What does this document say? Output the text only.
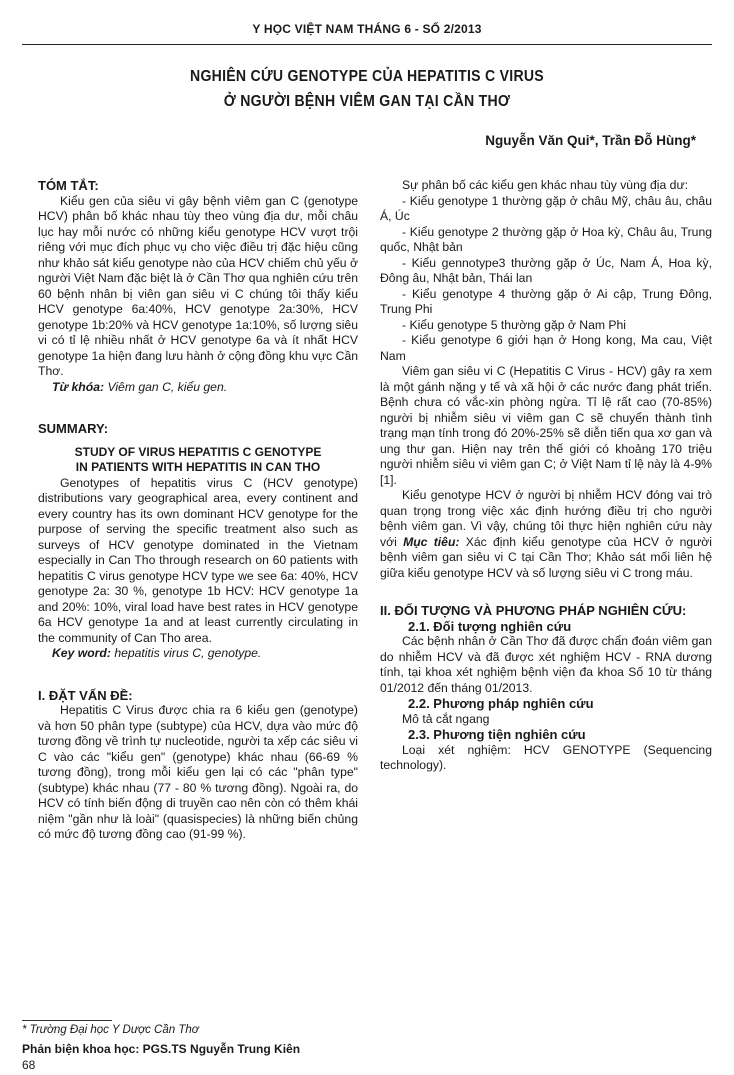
Y HỌC VIỆT NAM THÁNG 6 - SỐ 2/2013
NGHIÊN CỨU GENOTYPE CỦA HEPATITIS C VIRUS
Ở NGƯỜI BỆNH VIÊM GAN TẠI CẦN THƠ
Nguyễn Văn Qui*, Trần Đỗ Hùng*
TÓM TẮT:

Kiểu gen của siêu vi gây bệnh viêm gan C (genotype HCV) phân bố khác nhau tùy theo vùng địa dư, mỗi châu lục hay mỗi nước có những kiểu genotype HCV vượt trội riêng với mục đích phục vụ cho việc điều trị đặc hiệu cũng như khảo sát kiểu genotype nào của HCV chiếm chủ yếu ở người Việt Nam đặc biệt là ở Cần Thơ qua nghiên cứu trên 60 bệnh nhân bị viên gan siêu vi C chúng tôi thấy kiểu HCV genotype 6a:40%, HCV genotype 2a:30%, HCV genotype 1b:20% và HCV genotype 1a:10%, số lượng siêu vi có tỉ lệ nhiều nhất ở HCV genotype 6a và ít nhất HCV genotype 1a hiện đang lưu hành ở cộng đồng khu vực Cần Thơ.

Từ khóa: Viêm gan C, kiểu gen.
SUMMARY:
STUDY OF VIRUS HEPATITIS C GENOTYPE
IN PATIENTS WITH HEPATITIS IN CAN THO

Genotypes of hepatitis virus C (HCV genotype) distributions vary geographical area, every continent and every country has its own dominant HCV genotype for the purpose of serving the specific treatment also such as surveys of HCV genotype dominated in the Vietnam especially in Can Tho through research on 60 patients with hepatitis C virus genotype HCV type we see 6a: 40%, HCV genotype 2a: 30 %, genotype 1b HCV: HCV genotype 1a and 20%: 10%, viral load have best rates in HCV genotype 6a HCV genotype 1a and at least currently circulating in the community of Can Tho area.

Key word: hepatitis virus C, genotype.
I. ĐẶT VẤN ĐỀ:

Hepatitis C Virus được chia ra 6 kiểu gen (genotype) và hơn 50 phân type (subtype) của HCV, dựa vào mức độ tương đồng về trình tự nucleotide, người ta xếp các siêu vi C vào các "kiểu gen" (genotype) khác nhau (66-69 % tương đồng), trong mỗi kiểu gen lại có các "phân type" (subtype) khác nhau (77 - 80 % tương đồng). Ngoài ra, do HCV có tính biến động di truyền cao nên còn có thêm khái niệm "gần như là loài" (quasispecies) là những biến chủng có mức độ tương đồng cao (91-99 %).

Sự phân bố các kiểu gen khác nhau tùy vùng địa dư:

- Kiểu genotype 1 thường gặp ở châu Mỹ, châu âu, châu Á, Úc

- Kiểu genotype 2 thường gặp ở Hoa kỳ, Châu âu, Trung quốc, Nhật bản

- Kiểu gennotype3 thường gặp ở Úc, Nam Á, Hoa kỳ, Đông âu, Nhật bản, Thái lan

- Kiểu genotype 4 thường gặp ở Ai cập, Trung Đông, Trung Phi

- Kiểu genotype 5 thường gặp ở Nam Phi

- Kiểu genotype 6 giới hạn ở Hong kong, Ma cau, Việt Nam

Viêm gan siêu vi C (Hepatitis C Virus - HCV) gây ra xem là một gánh nặng y tế và xã hội ở các nước đang phát triển. Bệnh chưa có vắc-xin phòng ngừa. Tỉ lệ rất cao (70-85%) người bị nhiễm siêu vi viêm gan C sẽ chuyển thành tình trạng mạn tính trong đó 20%-25% sẽ diễn tiến qua xơ gan và ung thư gan. Hiện nay trên thế giới có khoảng 170 triệu người nhiễm siêu vi viêm gan C; ở Việt Nam tỉ lệ này là 4-9% [1].

Kiểu genotype HCV ở người bị nhiễm HCV đóng vai trò quan trọng trong việc xác định hướng điều trị cho người bệnh viêm gan. Vì vậy, chúng tôi thực hiện nghiên cứu này với Mục tiêu: Xác định kiểu genotype của HCV ở người bệnh viêm gan siêu vi C tại Cần Thơ; Khảo sát mối liên hệ giữa kiểu genotype HCV và số lượng siêu vi C trong máu.

II. ĐỐI TƯỢNG VÀ PHƯƠNG PHÁP NGHIÊN CỨU:
2.1. Đối tượng nghiên cứu

Các bệnh nhân ở Cần Thơ đã được chẩn đoán viêm gan do nhiễm HCV và đã được xét nghiệm HCV - RNA dương tính, tại khoa xét nghiệm bệnh viện đa khoa Số 10 từ tháng 01/2012 đến tháng 01/2013.

2.2. Phương pháp nghiên cứu

Mô tả cắt ngang

2.3. Phương tiện nghiên cứu

Loại xét nghiệm: HCV GENOTYPE (Sequencing technology).

* Trường Đại học Y Dược Cần Thơ
Phản biện khoa học: PGS.TS Nguyễn Trung Kiên
68
